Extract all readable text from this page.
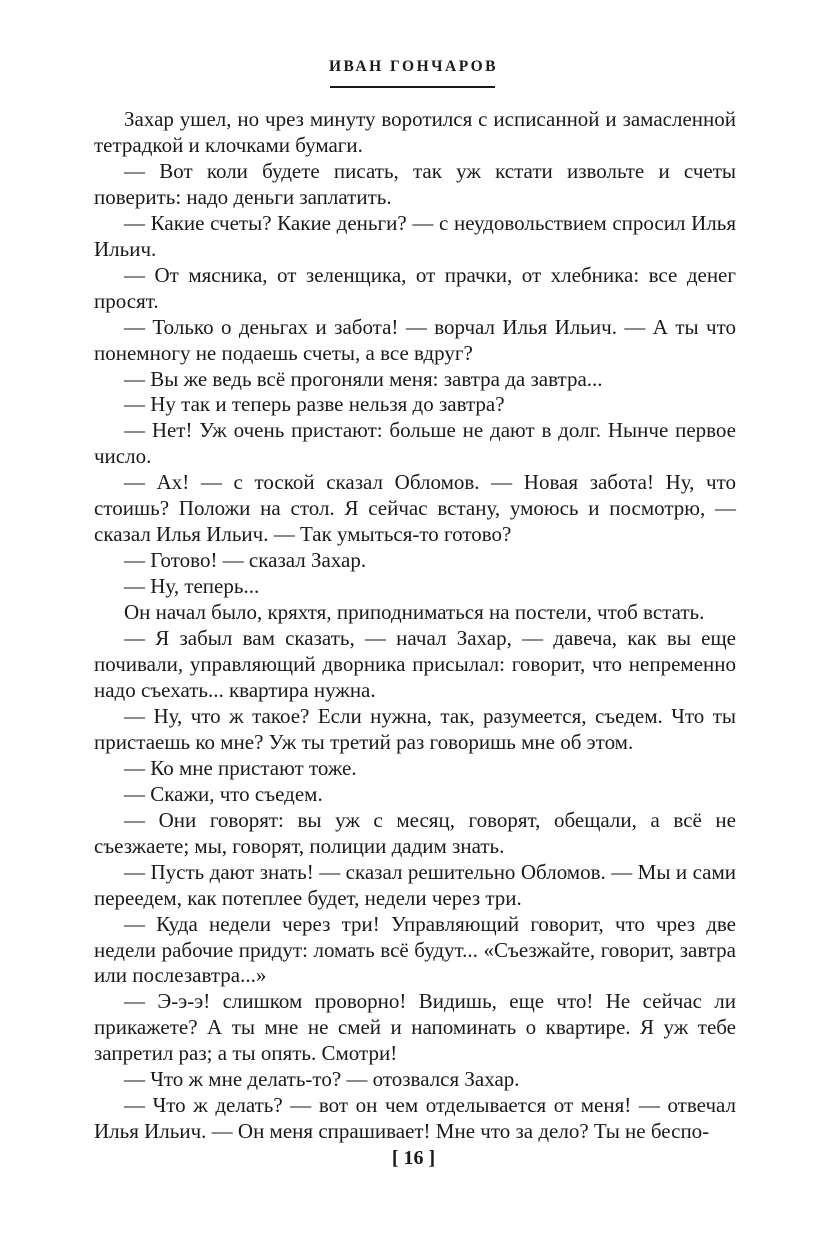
ИВАН ГОНЧАРОВ

Захар ушел, но чрез минуту воротился с исписанной и замасленной тетрадкой и клочками бумаги.

— Вот коли будете писать, так уж кстати извольте и счеты поверить: надо деньги заплатить.

— Какие счеты? Какие деньги? — с неудовольствием спросил Илья Ильич.

— От мясника, от зеленщика, от прачки, от хлебника: все денег просят.

— Только о деньгах и забота! — ворчал Илья Ильич. — А ты что понемногу не подаешь счеты, а все вдруг?

— Вы же ведь всё прогоняли меня: завтра да завтра...

— Ну так и теперь разве нельзя до завтра?

— Нет! Уж очень пристают: больше не дают в долг. Нынче первое число.

— Ах! — с тоской сказал Обломов. — Новая забота! Ну, что стоишь? Положи на стол. Я сейчас встану, умоюсь и посмотрю, — сказал Илья Ильич. — Так умыться-то готово?

— Готово! — сказал Захар.

— Ну, теперь...

Он начал было, кряхтя, приподниматься на постели, чтоб встать.

— Я забыл вам сказать, — начал Захар, — давеча, как вы еще почивали, управляющий дворника присылал: говорит, что непременно надо съехать... квартира нужна.

— Ну, что ж такое? Если нужна, так, разумеется, съедем. Что ты пристаешь ко мне? Уж ты третий раз говоришь мне об этом.

— Ко мне пристают тоже.

— Скажи, что съедем.

— Они говорят: вы уж с месяц, говорят, обещали, а всё не съезжаете; мы, говорят, полиции дадим знать.

— Пусть дают знать! — сказал решительно Обломов. — Мы и сами переедем, как потеплее будет, недели через три.

— Куда недели через три! Управляющий говорит, что чрез две недели рабочие придут: ломать всё будут... «Съезжайте, говорит, завтра или послезавтра...»

— Э-э-э! слишком проворно! Видишь, еще что! Не сейчас ли прикажете? А ты мне не смей и напоминать о квартире. Я уж тебе запретил раз; а ты опять. Смотри!

— Что ж мне делать-то? — отозвался Захар.

— Что ж делать? — вот он чем отделывается от меня! — отвечал Илья Ильич. — Он меня спрашивает! Мне что за дело? Ты не беспо-

[ 16 ]
